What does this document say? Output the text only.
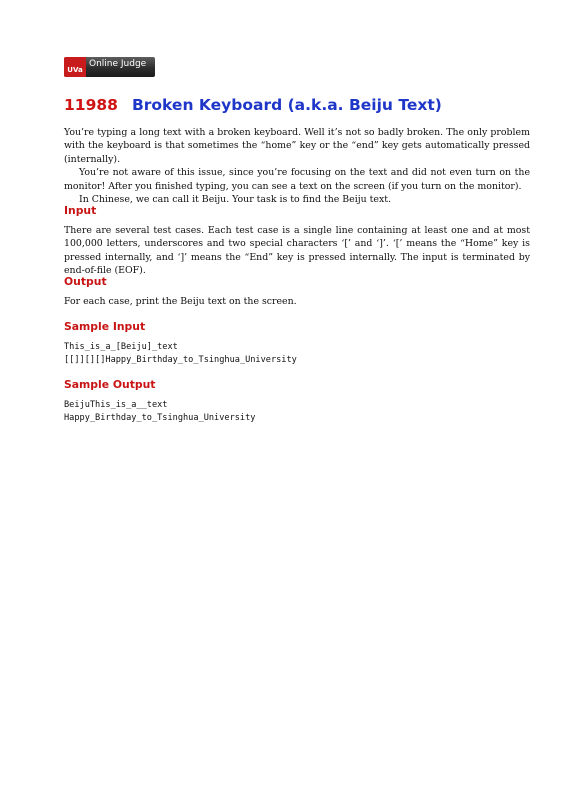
UVa
Online Judge
11988 Broken Keyboard (a.k.a. Beiju Text)
You’re typing a long text with a broken keyboard. Well it’s not so badly broken. The only problem with the keyboard is that sometimes the “home” key or the “end” key gets automatically pressed (internally).
You’re not aware of this issue, since you’re focusing on the text and did not even turn on the monitor! After you finished typing, you can see a text on the screen (if you turn on the monitor).
In Chinese, we can call it Beiju. Your task is to find the Beiju text.
Input
There are several test cases. Each test case is a single line containing at least one and at most 100,000 letters, underscores and two special characters ‘[’ and ‘]’. ‘[’ means the “Home” key is pressed internally, and ‘]’ means the “End” key is pressed internally. The input is terminated by end-of-file (EOF).
Output
For each case, print the Beiju text on the screen.
Sample Input
This_is_a_[Beiju]_text
[[]][][]Happy_Birthday_to_Tsinghua_University
Sample Output
BeijuThis_is_a__text
Happy_Birthday_to_Tsinghua_University
